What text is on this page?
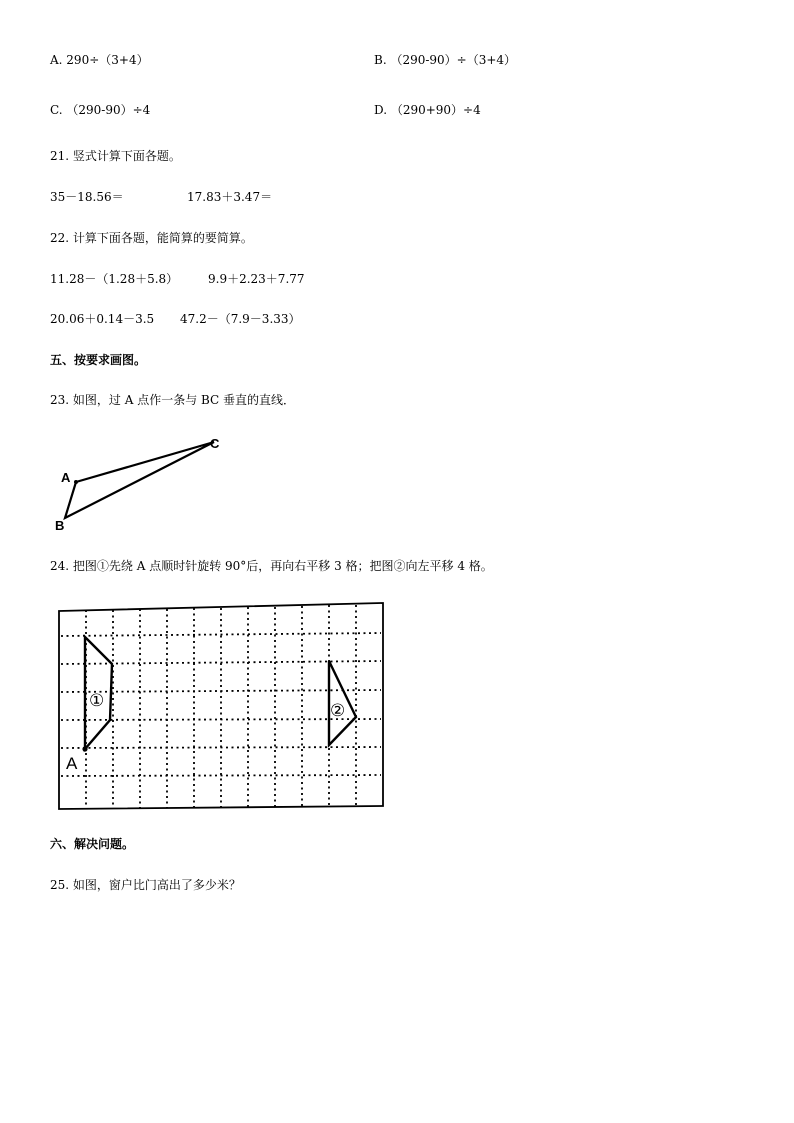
A. 290÷（3+4）	B. （290-90）÷（3+4）
C. （290-90）÷4	D. （290+90）÷4
21. 竖式计算下面各题。
35－18.56＝	17.83＋3.47＝
22. 计算下面各题，能简算的要简算。
11.28－（1.28＋5.8） 9.9＋2.23＋7.77
20.06＋0.14－3.5 47.2－（7.9－3.33）
五、按要求画图。
23. 如图，过 A 点作一条与 BC 垂直的直线．
A
B
C
24. 把图①先绕 A 点顺时针旋转 90°后，再向右平移 3 格；把图②向左平移 4 格。
①
A
②
六、解决问题。
25. 如图，窗户比门高出了多少米？
